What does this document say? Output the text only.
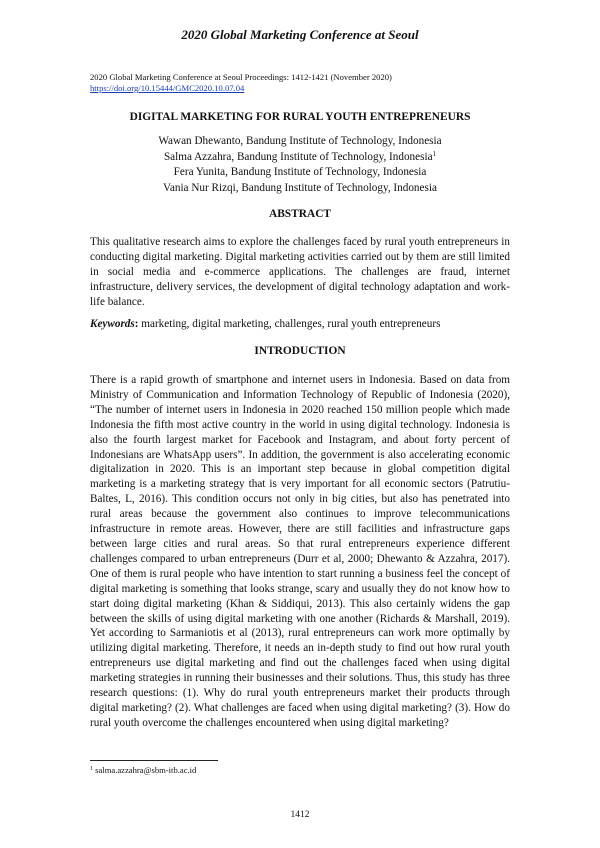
2020 Global Marketing Conference at Seoul
2020 Global Marketing Conference at Seoul Proceedings: 1412-1421 (November 2020)
https://doi.org/10.15444/GMC2020.10.07.04
DIGITAL MARKETING FOR RURAL YOUTH ENTREPRENEURS
Wawan Dhewanto, Bandung Institute of Technology, Indonesia
Salma Azzahra, Bandung Institute of Technology, Indonesia$^1$
Fera Yunita, Bandung Institute of Technology, Indonesia
Vania Nur Rizqi, Bandung Institute of Technology, Indonesia
ABSTRACT
This qualitative research aims to explore the challenges faced by rural youth entrepreneurs in conducting digital marketing. Digital marketing activities carried out by them are still limited in social media and e-commerce applications. The challenges are fraud, internet infrastructure, delivery services, the development of digital technology adaptation and work-life balance.
Keywords: marketing, digital marketing, challenges, rural youth entrepreneurs
INTRODUCTION
There is a rapid growth of smartphone and internet users in Indonesia. Based on data from Ministry of Communication and Information Technology of Republic of Indonesia (2020), “The number of internet users in Indonesia in 2020 reached 150 million people which made Indonesia the fifth most active country in the world in using digital technology. Indonesia is also the fourth largest market for Facebook and Instagram, and about forty percent of Indonesians are WhatsApp users”. In addition, the government is also accelerating economic digitalization in 2020. This is an important step because in global competition digital marketing is a marketing strategy that is very important for all economic sectors (Patrutiu-Baltes, L, 2016). This condition occurs not only in big cities, but also has penetrated into rural areas because the government also continues to improve telecommunications infrastructure in remote areas. However, there are still facilities and infrastructure gaps between large cities and rural areas. So that rural entrepreneurs experience different challenges compared to urban entrepreneurs (Durr et al, 2000; Dhewanto & Azzahra, 2017). One of them is rural people who have intention to start running a business feel the concept of digital marketing is something that looks strange, scary and usually they do not know how to start doing digital marketing (Khan & Siddiqui, 2013). This also certainly widens the gap between the skills of using digital marketing with one another (Richards & Marshall, 2019). Yet according to Sarmaniotis et al (2013), rural entrepreneurs can work more optimally by utilizing digital marketing. Therefore, it needs an in-depth study to find out how rural youth entrepreneurs use digital marketing and find out the challenges faced when using digital marketing strategies in running their businesses and their solutions. Thus, this study has three research questions: (1). Why do rural youth entrepreneurs market their products through digital marketing? (2). What challenges are faced when using digital marketing? (3). How do rural youth overcome the challenges encountered when using digital marketing?
$^1$ salma.azzahra@sbm-itb.ac.id
1412
